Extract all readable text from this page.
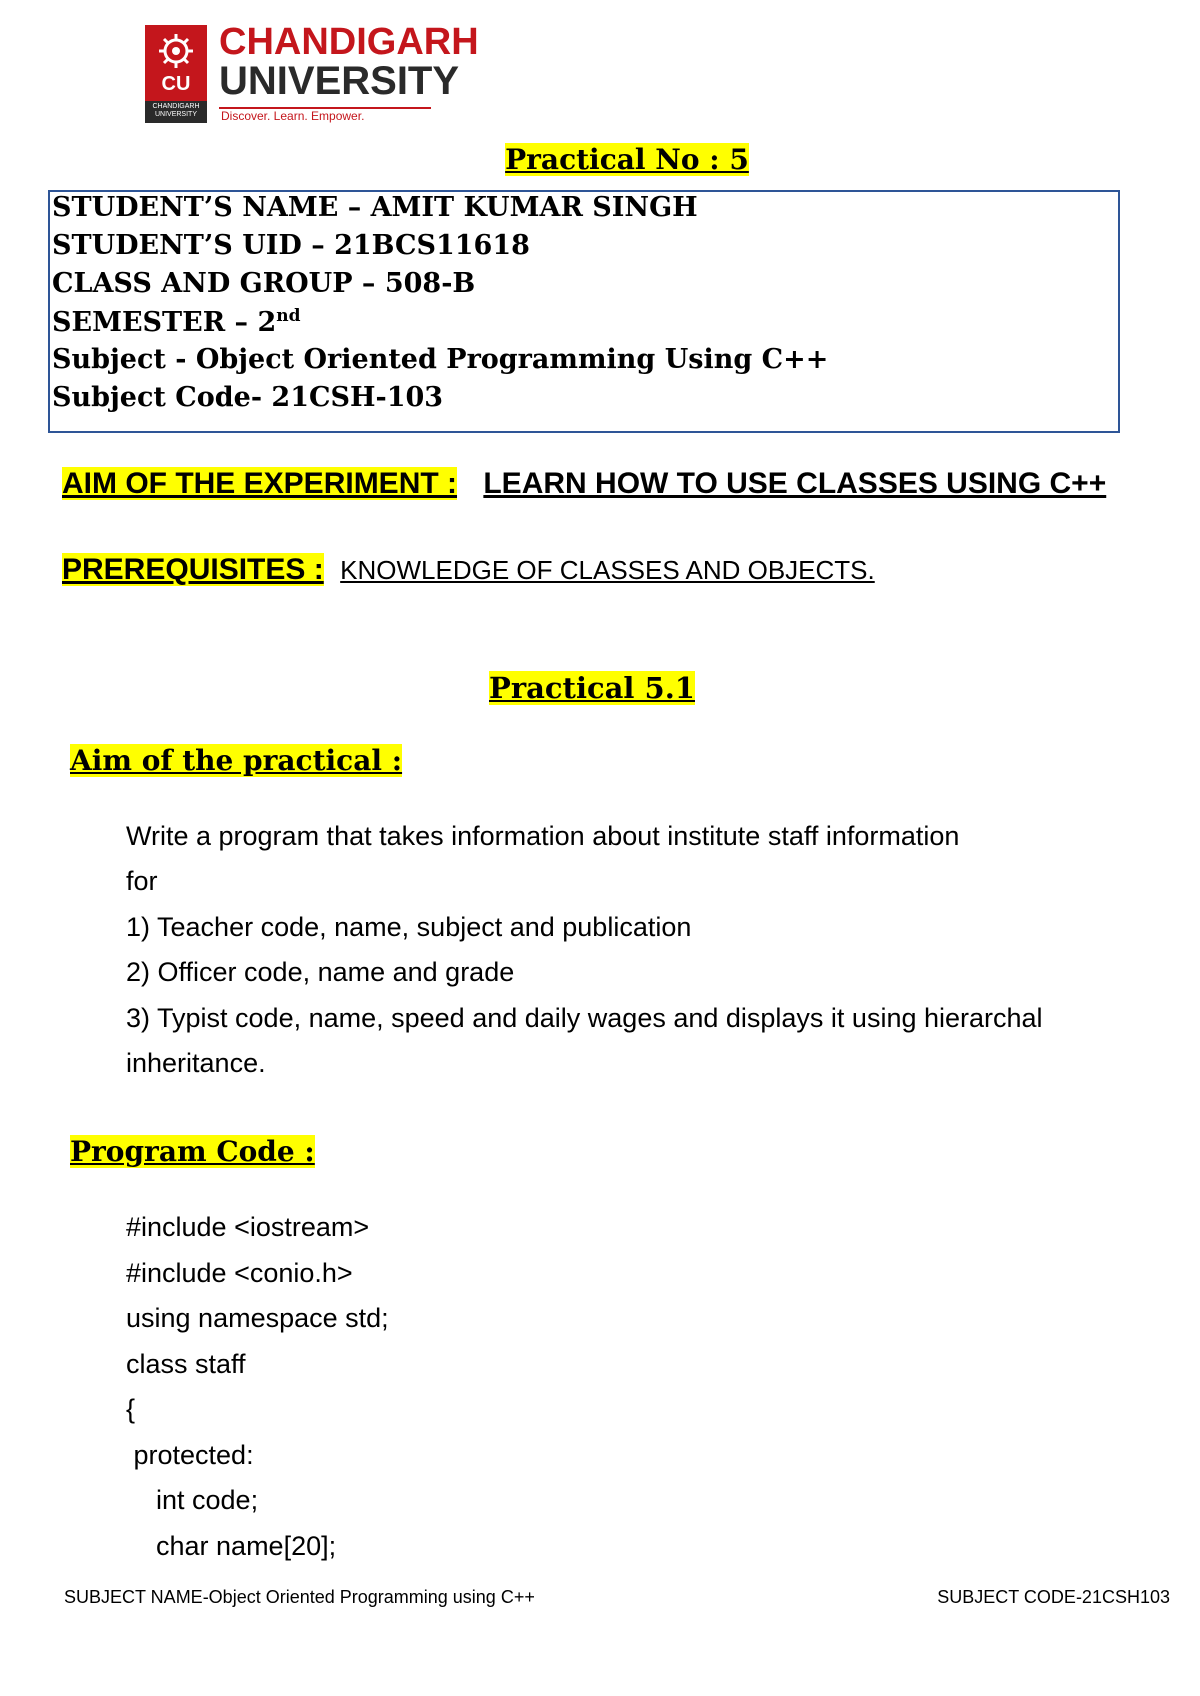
CU
CHANDIGARH UNIVERSITY
CHANDIGARH
UNIVERSITY
Discover. Learn. Empower.
Practical No : 5
STUDENT’S NAME – AMIT KUMAR SINGH
STUDENT’S UID – 21BCS11618
CLASS AND GROUP – 508-B
SEMESTER – 2nd
Subject - Object Oriented Programming Using C++
Subject Code- 21CSH-103
AIM OF THE EXPERIMENT : LEARN HOW TO USE CLASSES USING C++
PREREQUISITES : KNOWLEDGE OF CLASSES AND OBJECTS.
Practical 5.1
Aim of the practical :
Write a program that takes information about institute staff information
for
1) Teacher code, name, subject and publication
2) Officer code, name and grade
3) Typist code, name, speed and daily wages and displays it using hierarchal
inheritance.
Program Code :
#include <iostream>
#include <conio.h>
using namespace std;
class staff
{
protected:
int code;
char name[20];
SUBJECT NAME-Object Oriented Programming using C++	SUBJECT CODE-21CSH103
